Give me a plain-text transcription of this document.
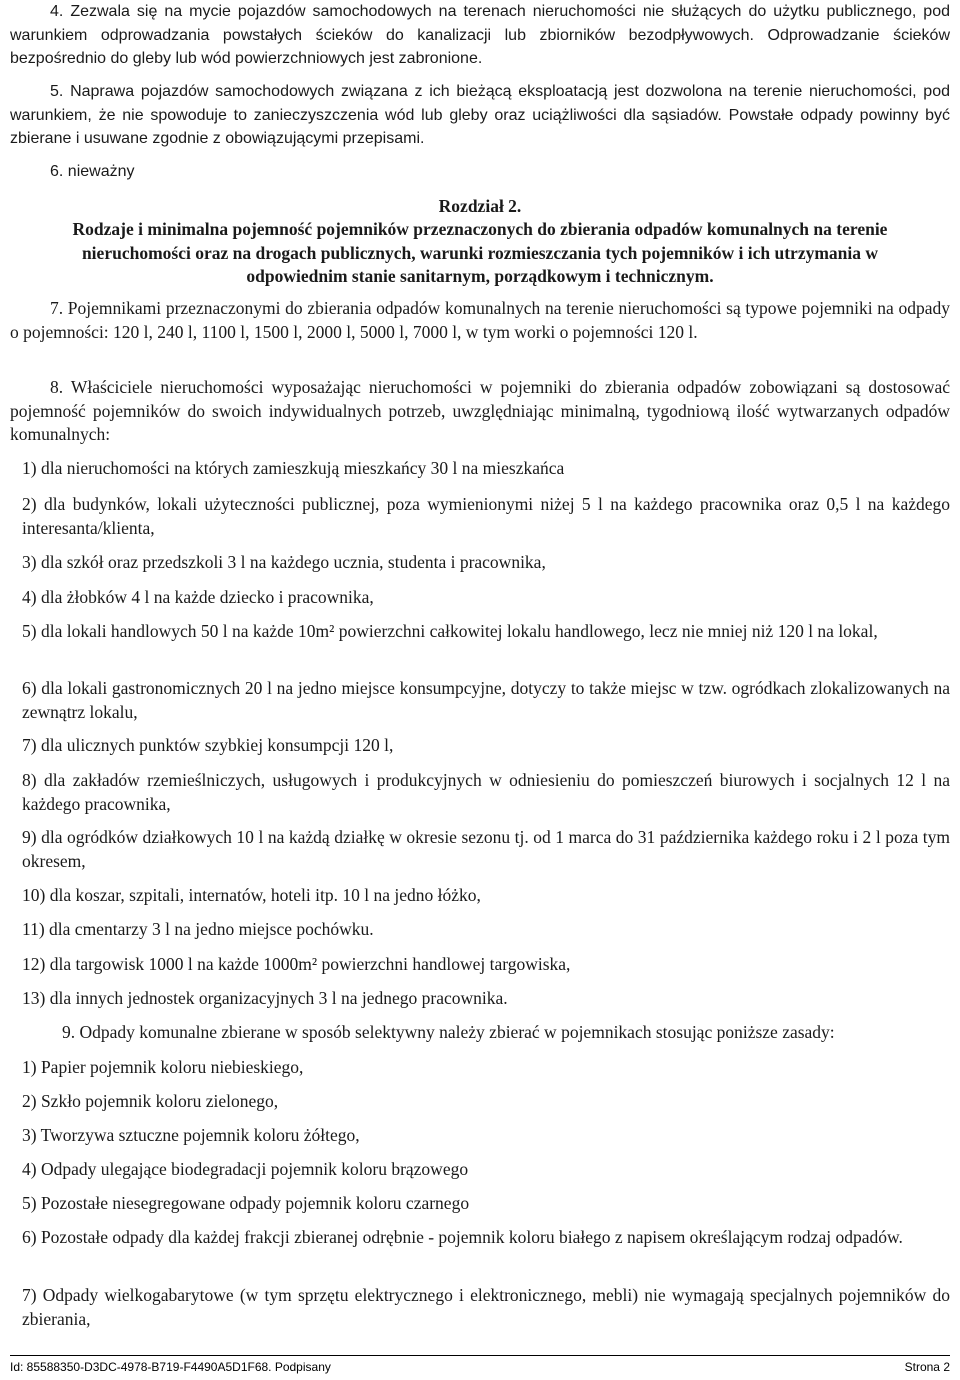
4. Zezwala się na mycie pojazdów samochodowych na terenach nieruchomości nie służących do użytku publicznego, pod warunkiem odprowadzania powstałych ścieków do kanalizacji lub zbiorników bezodpływowych. Odprowadzanie ścieków bezpośrednio do gleby lub wód powierzchniowych jest zabronione.

5. Naprawa pojazdów samochodowych związana z ich bieżącą eksploatacją jest dozwolona na terenie nieruchomości, pod warunkiem, że nie spowoduje to zanieczyszczenia wód lub gleby oraz uciążliwości dla sąsiadów. Powstałe odpady powinny być zbierane i usuwane zgodnie z obowiązującymi przepisami.

6. nieważny

Rozdział 2.

Rodzaje i minimalna pojemność pojemników przeznaczonych do zbierania odpadów komunalnych na terenie nieruchomości oraz na drogach publicznych, warunki rozmieszczania tych pojemników i ich utrzymania w odpowiednim stanie sanitarnym, porządkowym i technicznym.

7. Pojemnikami przeznaczonymi do zbierania odpadów komunalnych na terenie nieruchomości są typowe pojemniki na odpady o pojemności: 120 l, 240 l, 1100 l, 1500 l, 2000 l, 5000 l, 7000 l, w tym worki o pojemności 120 l.

8. Właściciele nieruchomości wyposażając nieruchomości w pojemniki do zbierania odpadów zobowiązani są dostosować pojemność pojemników do swoich indywidualnych potrzeb, uwzględniając minimalną, tygodniową ilość wytwarzanych odpadów komunalnych:

1) dla nieruchomości na których zamieszkują mieszkańcy 30 l na mieszkańca

2) dla budynków, lokali użyteczności publicznej, poza wymienionymi niżej 5 l na każdego pracownika oraz 0,5 l na każdego interesanta/klienta,

3) dla szkół oraz przedszkoli 3 l na każdego ucznia, studenta i pracownika,

4) dla żłobków 4 l na każde dziecko i pracownika,

5) dla lokali handlowych 50 l na każde 10m² powierzchni całkowitej lokalu handlowego, lecz nie mniej niż 120 l na lokal,

6) dla lokali gastronomicznych 20 l na jedno miejsce konsumpcyjne, dotyczy to także miejsc w tzw. ogródkach zlokalizowanych na zewnątrz lokalu,

7) dla ulicznych punktów szybkiej konsumpcji 120 l,

8) dla zakładów rzemieślniczych, usługowych i produkcyjnych w odniesieniu do pomieszczeń biurowych i socjalnych 12 l na każdego pracownika,

9) dla ogródków działkowych 10 l na każdą działkę w okresie sezonu tj. od 1 marca do 31 października każdego roku i 2 l poza tym okresem,

10) dla koszar, szpitali, internatów, hoteli itp. 10 l na jedno łóżko,

11) dla cmentarzy 3 l na jedno miejsce pochówku.

12) dla targowisk 1000 l na każde 1000m² powierzchni handlowej targowiska,

13) dla innych jednostek organizacyjnych 3 l na jednego pracownika.

9. Odpady komunalne zbierane w sposób selektywny należy zbierać w pojemnikach stosując poniższe zasady:

1) Papier pojemnik koloru niebieskiego,

2) Szkło pojemnik koloru zielonego,

3) Tworzywa sztuczne pojemnik koloru żółtego,

4) Odpady ulegające biodegradacji pojemnik koloru brązowego

5) Pozostałe niesegregowane odpady pojemnik koloru czarnego

6) Pozostałe odpady dla każdej frakcji zbieranej odrębnie - pojemnik koloru białego z napisem określającym rodzaj odpadów.

7) Odpady wielkogabarytowe (w tym sprzętu elektrycznego i elektronicznego, mebli) nie wymagają specjalnych pojemników do zbierania,

Id: 85588350-D3DC-4978-B719-F4490A5D1F68. Podpisany	Strona 2
